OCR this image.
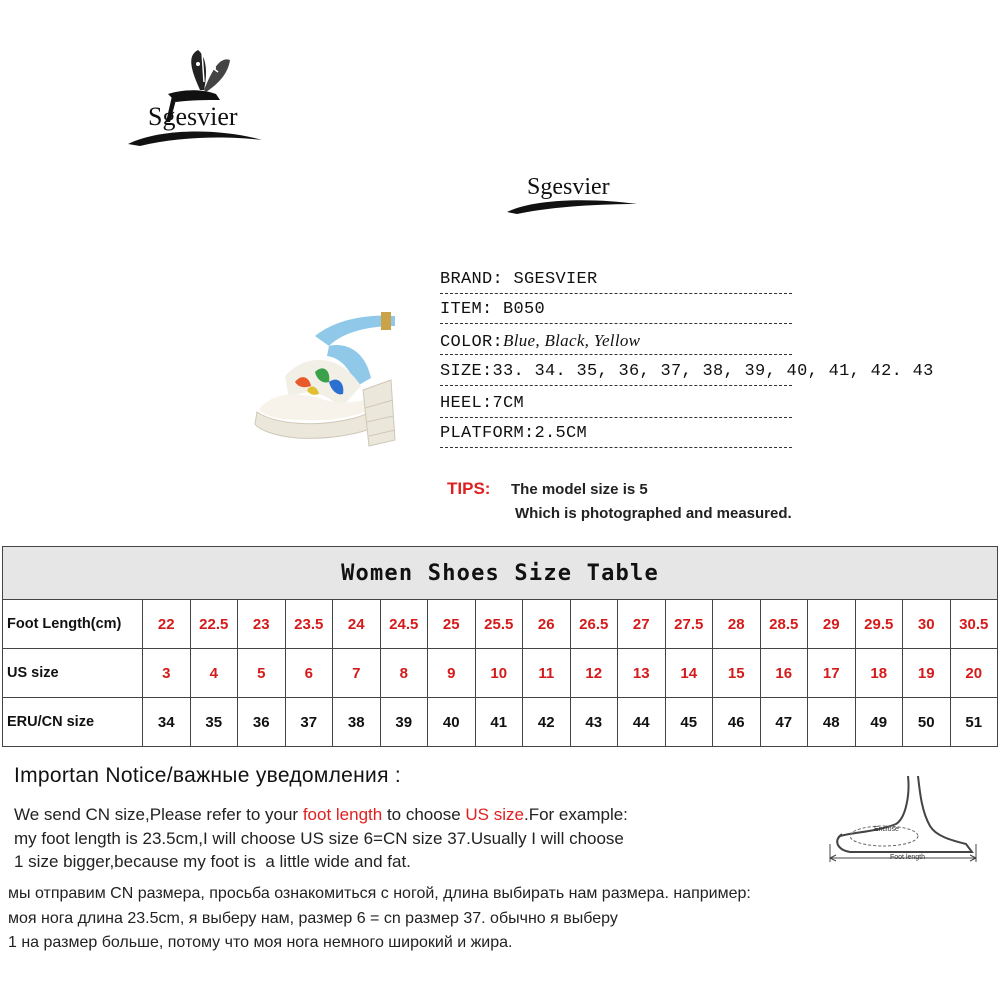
Sgesvier
Sgesvier
BRAND: SGESVIER
ITEM: B050
COLOR:Blue, Black, Yellow
SIZE:33. 34. 35, 36, 37, 38, 39, 40, 41, 42. 43
HEEL:7CM
PLATFORM:2.5CM
TIPS: The model size is 5
Which is photographed and measured.
Women Shoes Size Table																		
Foot Length(cm)	22	22.5	23	23.5	24	24.5	25	25.5	26	26.5	27	27.5	28	28.5	29	29.5	30	30.5
US size	3	4	5	6	7	8	9	10	11	12	13	14	15	16	17	18	19	20
ERU/CN size	34	35	36	37	38	39	40	41	42	43	44	45	46	47	48	49	50	51
Importan Notice/важные уведомления :
We send CN size,Please refer to your foot length to choose US size.For example:
my foot length is 23.5cm,I will choose US size 6=CN size 37.Usually I will choose
1 size bigger,because my foot is  a little wide and fat.
мы отправим CN размера, просьба ознакомиться с ногой, длина выбирать нам размера. например:
моя нога длина 23.5cm, я выберу нам, размер 6 = cn размер 37. обычно я выберу
1 на размер больше, потому что моя нога немного широкий и жира.
Enclose
Foot length
